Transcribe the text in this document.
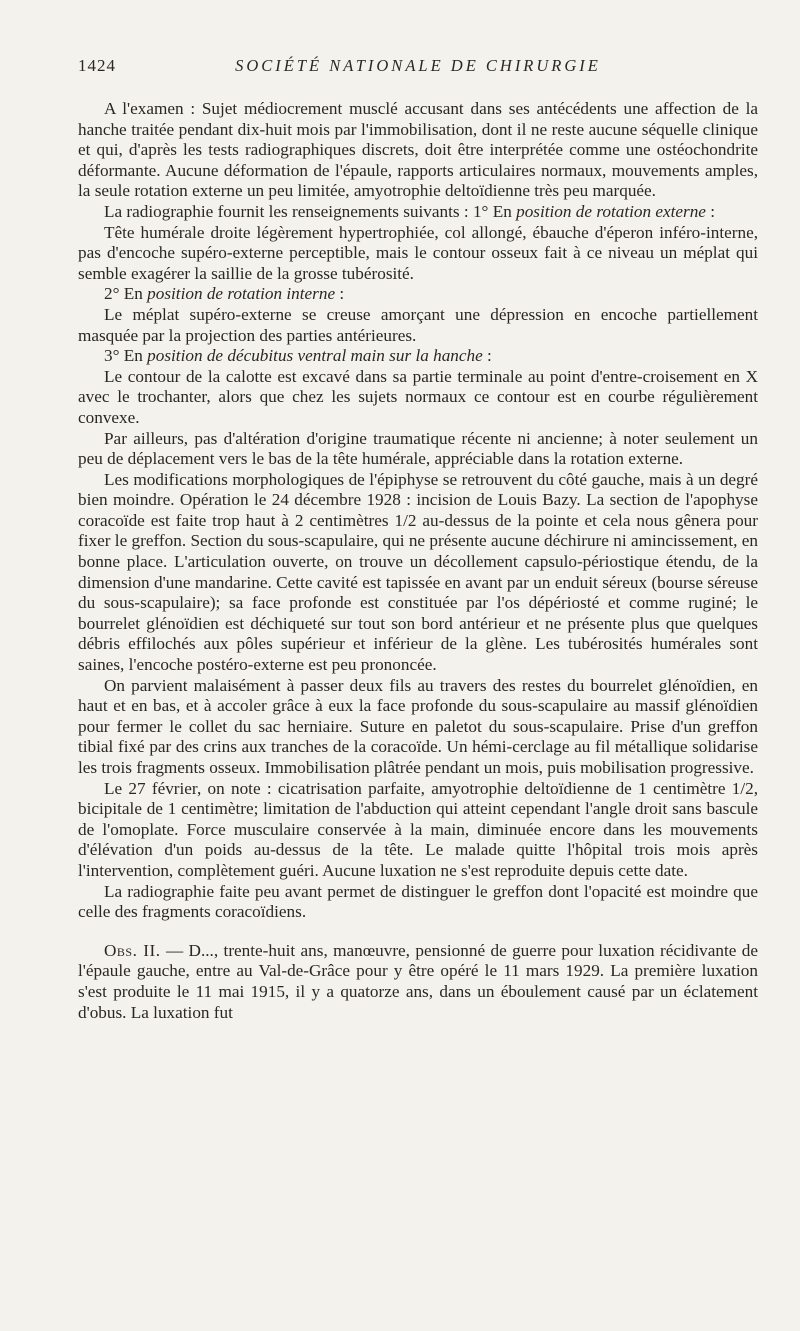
1424	SOCIÉTÉ NATIONALE DE CHIRURGIE

A l'examen : Sujet médiocrement musclé accusant dans ses antécédents une affection de la hanche traitée pendant dix-huit mois par l'immobilisation, dont il ne reste aucune séquelle clinique et qui, d'après les tests radiographiques discrets, doit être interprétée comme une ostéochondrite déformante. Aucune déformation de l'épaule, rapports articulaires normaux, mouvements amples, la seule rotation externe un peu limitée, amyotrophie deltoïdienne très peu marquée.

La radiographie fournit les renseignements suivants : 1° En position de rotation externe :

Tête humérale droite légèrement hypertrophiée, col allongé, ébauche d'éperon inféro-interne, pas d'encoche supéro-externe perceptible, mais le contour osseux fait à ce niveau un méplat qui semble exagérer la saillie de la grosse tubérosité.

2° En position de rotation interne :

Le méplat supéro-externe se creuse amorçant une dépression en encoche partiellement masquée par la projection des parties antérieures.

3° En position de décubitus ventral main sur la hanche :

Le contour de la calotte est excavé dans sa partie terminale au point d'entre-croisement en X avec le trochanter, alors que chez les sujets normaux ce contour est en courbe régulièrement convexe.

Par ailleurs, pas d'altération d'origine traumatique récente ni ancienne; à noter seulement un peu de déplacement vers le bas de la tête humérale, appréciable dans la rotation externe.

Les modifications morphologiques de l'épiphyse se retrouvent du côté gauche, mais à un degré bien moindre. Opération le 24 décembre 1928 : incision de Louis Bazy. La section de l'apophyse coracoïde est faite trop haut à 2 centimètres 1/2 au-dessus de la pointe et cela nous gênera pour fixer le greffon. Section du sous-scapulaire, qui ne présente aucune déchirure ni amincissement, en bonne place. L'articulation ouverte, on trouve un décollement capsulo-périostique étendu, de la dimension d'une mandarine. Cette cavité est tapissée en avant par un enduit séreux (bourse séreuse du sous-scapulaire); sa face profonde est constituée par l'os dépériosté et comme ruginé; le bourrelet glénoïdien est déchiqueté sur tout son bord antérieur et ne présente plus que quelques débris effilochés aux pôles supérieur et inférieur de la glène. Les tubérosités humérales sont saines, l'encoche postéro-externe est peu prononcée.

On parvient malaisément à passer deux fils au travers des restes du bourrelet glénoïdien, en haut et en bas, et à accoler grâce à eux la face profonde du sous-scapulaire au massif glénoïdien pour fermer le collet du sac herniaire. Suture en paletot du sous-scapulaire. Prise d'un greffon tibial fixé par des crins aux tranches de la coracoïde. Un hémi-cerclage au fil métallique solidarise les trois fragments osseux. Immobilisation plâtrée pendant un mois, puis mobilisation progressive.

Le 27 février, on note : cicatrisation parfaite, amyotrophie deltoïdienne de 1 centimètre 1/2, bicipitale de 1 centimètre; limitation de l'abduction qui atteint cependant l'angle droit sans bascule de l'omoplate. Force musculaire conservée à la main, diminuée encore dans les mouvements d'élévation d'un poids au-dessus de la tête. Le malade quitte l'hôpital trois mois après l'intervention, complètement guéri. Aucune luxation ne s'est reproduite depuis cette date.

La radiographie faite peu avant permet de distinguer le greffon dont l'opacité est moindre que celle des fragments coracoïdiens.

Obs. II. — D..., trente-huit ans, manœuvre, pensionné de guerre pour luxation récidivante de l'épaule gauche, entre au Val-de-Grâce pour y être opéré le 11 mars 1929. La première luxation s'est produite le 11 mai 1915, il y a quatorze ans, dans un éboulement causé par un éclatement d'obus. La luxation fut
